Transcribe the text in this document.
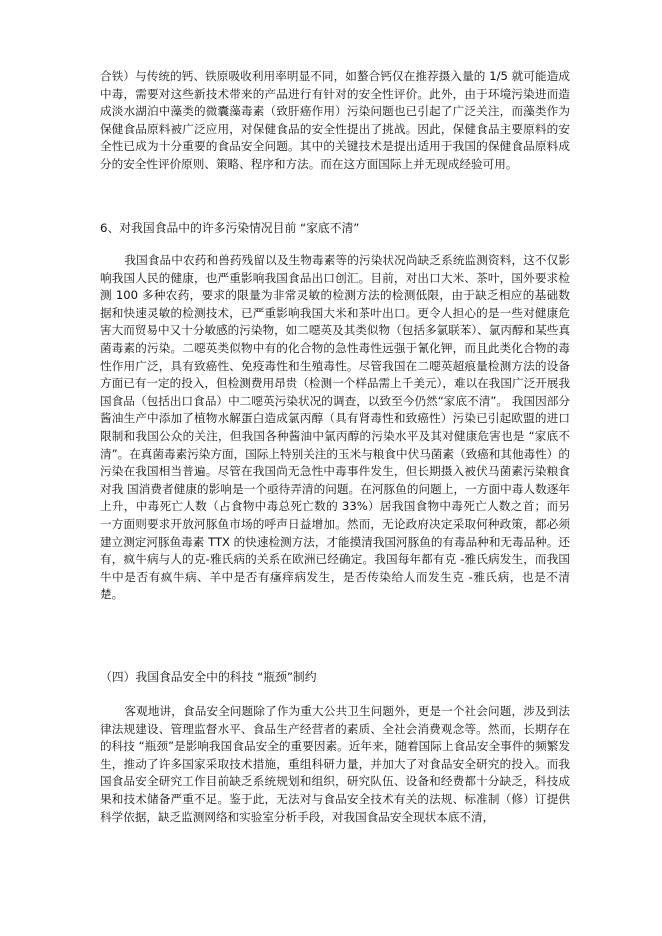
合铁）与传统的钙、铁原吸收利用率明显不同，如螯合钙仅在推荐摄入量的 1/5 就可能造成中毒，需要对这些新技术带来的产品进行有针对的安全性评价。此外，由于环境污染进而造成淡水湖泊中藻类的微囊藻毒素（致肝癌作用）污染问题也已引起了广泛关注，而藻类作为保健食品原料被广泛应用，对保健食品的安全性提出了挑战。因此，保健食品主要原料的安全性已成为十分重要的食品安全问题。其中的关键技术是提出适用于我国的保健食品原料成分的安全性评价原则、策略、程序和方法。而在这方面国际上并无现成经验可用。
6、对我国食品中的许多污染情况目前 “家底不清”
我国食品中农药和兽药残留以及生物毒素等的污染状况尚缺乏系统监测资料，这不仅影响我国人民的健康，也严重影响我国食品出口创汇。目前，对出口大米、茶叶，国外要求检测 100 多种农药，要求的限量为非常灵敏的检测方法的检测低限，由于缺乏相应的基础数据和快速灵敏的检测技术，已严重影响我国大米和茶叶出口。更令人担心的是一些对健康危害大而贸易中又十分敏感的污染物，如二噁英及其类似物（包括多氯联苯）、氯丙醇和某些真菌毒素的污染。二噁英类似物中有的化合物的急性毒性远强于氰化钾，而且此类化合物的毒性作用广泛，具有致癌性、免疫毒性和生殖毒性。尽管我国在二噁英超痕量检测方法的设备方面已有一定的投入，但检测费用昂贵（检测一个样品需上千美元），难以在我国广泛开展我国食品（包括出口食品）中二噁英污染状况的调查，以致至今仍然“家底不清”。 我国因部分酱油生产中添加了植物水解蛋白造成氯丙醇（具有肾毒性和致癌性）污染已引起欧盟的进口限制和我国公众的关注，但我国各种酱油中氯丙醇的污染水平及其对健康危害也是 “家底不清”。在真菌毒素污染方面，国际上特别关注的玉米与粮食中伏马菌素（致癌和其他毒性）的污染在我国相当普遍。尽管在我国尚无急性中毒事件发生，但长期摄入被伏马菌素污染粮食对我 国消费者健康的影响是一个亟待弄清的问题。在河豚鱼的问题上，一方面中毒人数逐年上升，中毒死亡人数（占食物中毒总死亡数的 33%）居我国食物中毒死亡人数之首；而另一方面则要求开放河豚鱼市场的呼声日益增加。然而，无论政府决定采取何种政策，都必须建立测定河豚鱼毒素 TTX 的快速检测方法，才能摸清我国河豚鱼的有毒品种和无毒品种。还有，疯牛病与人的克-雅氏病的关系在欧洲已经确定。我国每年都有克 -雅氏病发生，而我国牛中是否有疯牛病、羊中是否有瘙痒病发生，是否传染给人而发生克 -雅氏病，也是不清楚。
（四）我国食品安全中的科技 “瓶颈”制约
客观地讲，食品安全问题除了作为重大公共卫生问题外，更是一个社会问题，涉及到法律法规建设、管理监督水平、食品生产经营者的素质、全社会消费观念等。然而，长期存在的科技 “瓶颈”是影响我国食品安全的重要因素。近年来，随着国际上食品安全事件的频繁发生，推动了许多国家采取技术措施，重组科研力量，并加大了对食品安全研究的投入。而我国食品安全研究工作目前缺乏系统规划和组织，研究队伍、设备和经费都十分缺乏，科技成果和技术储备严重不足。鉴于此，无法对与食品安全技术有关的法规、标准制（修）订提供科学依据，缺乏监测网络和实验室分析手段，对我国食品安全现状本底不清，
